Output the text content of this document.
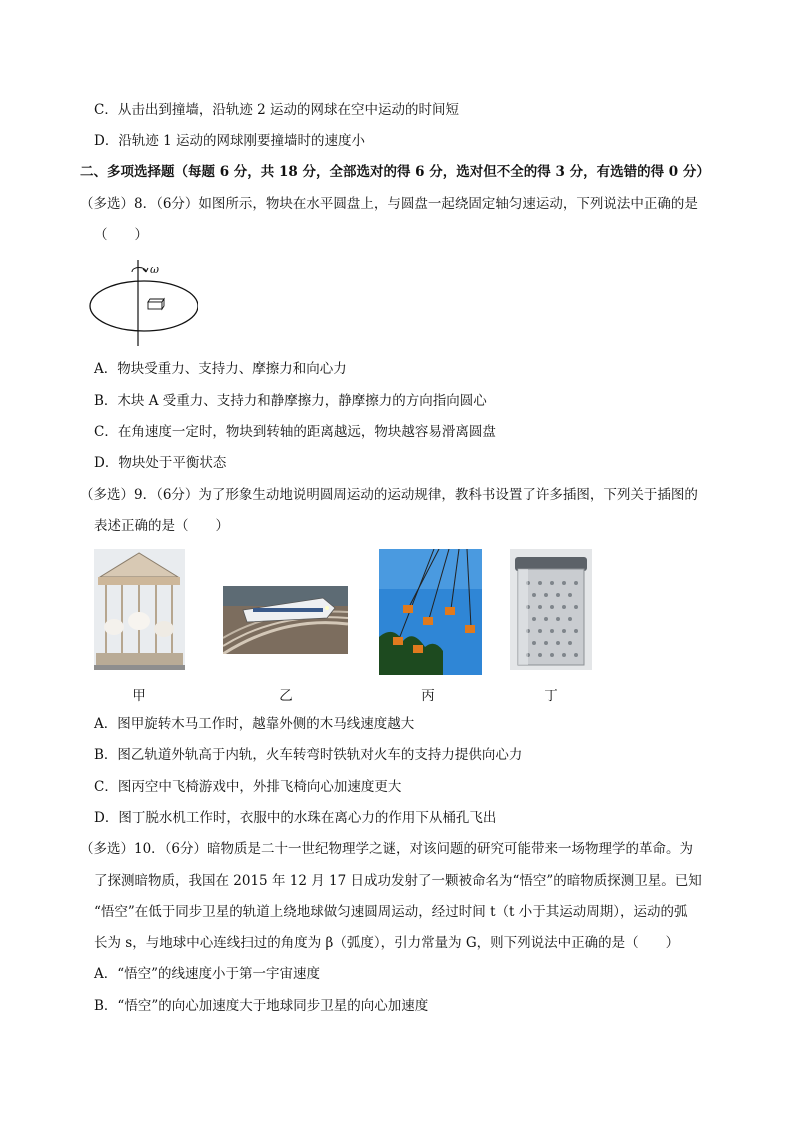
C．从击出到撞墙，沿轨迹 2 运动的网球在空中运动的时间短
D．沿轨迹 1 运动的网球刚要撞墙时的速度小
二、多项选择题（每题 6 分，共 18 分，全部选对的得 6 分，选对但不全的得 3 分，有选错的得 0 分）
（多选）8．（6分）如图所示，物块在水平圆盘上，与圆盘一起绕固定轴匀速运动，下列说法中正确的是
（　　）
ω
A．物块受重力、支持力、摩擦力和向心力
B．木块 A 受重力、支持力和静摩擦力，静摩擦力的方向指向圆心
C．在角速度一定时，物块到转轴的距离越远，物块越容易滑离圆盘
D．物块处于平衡状态
（多选）9．（6分）为了形象生动地说明圆周运动的运动规律，教科书设置了许多插图，下列关于插图的
表述正确的是（　　）
甲	乙	丙	丁
A．图甲旋转木马工作时，越靠外侧的木马线速度越大
B．图乙轨道外轨高于内轨，火车转弯时铁轨对火车的支持力提供向心力
C．图丙空中飞椅游戏中，外排飞椅向心加速度更大
D．图丁脱水机工作时，衣服中的水珠在离心力的作用下从桶孔飞出
（多选）10．（6分）暗物质是二十一世纪物理学之谜，对该问题的研究可能带来一场物理学的革命。为
了探测暗物质，我国在 2015 年 12 月 17 日成功发射了一颗被命名为“悟空”的暗物质探测卫星。已知
“悟空”在低于同步卫星的轨道上绕地球做匀速圆周运动，经过时间 t（t 小于其运动周期），运动的弧
长为 s，与地球中心连线扫过的角度为 β（弧度），引力常量为 G，则下列说法中正确的是（　　）
A．“悟空”的线速度小于第一宇宙速度
B．“悟空”的向心加速度大于地球同步卫星的向心加速度
